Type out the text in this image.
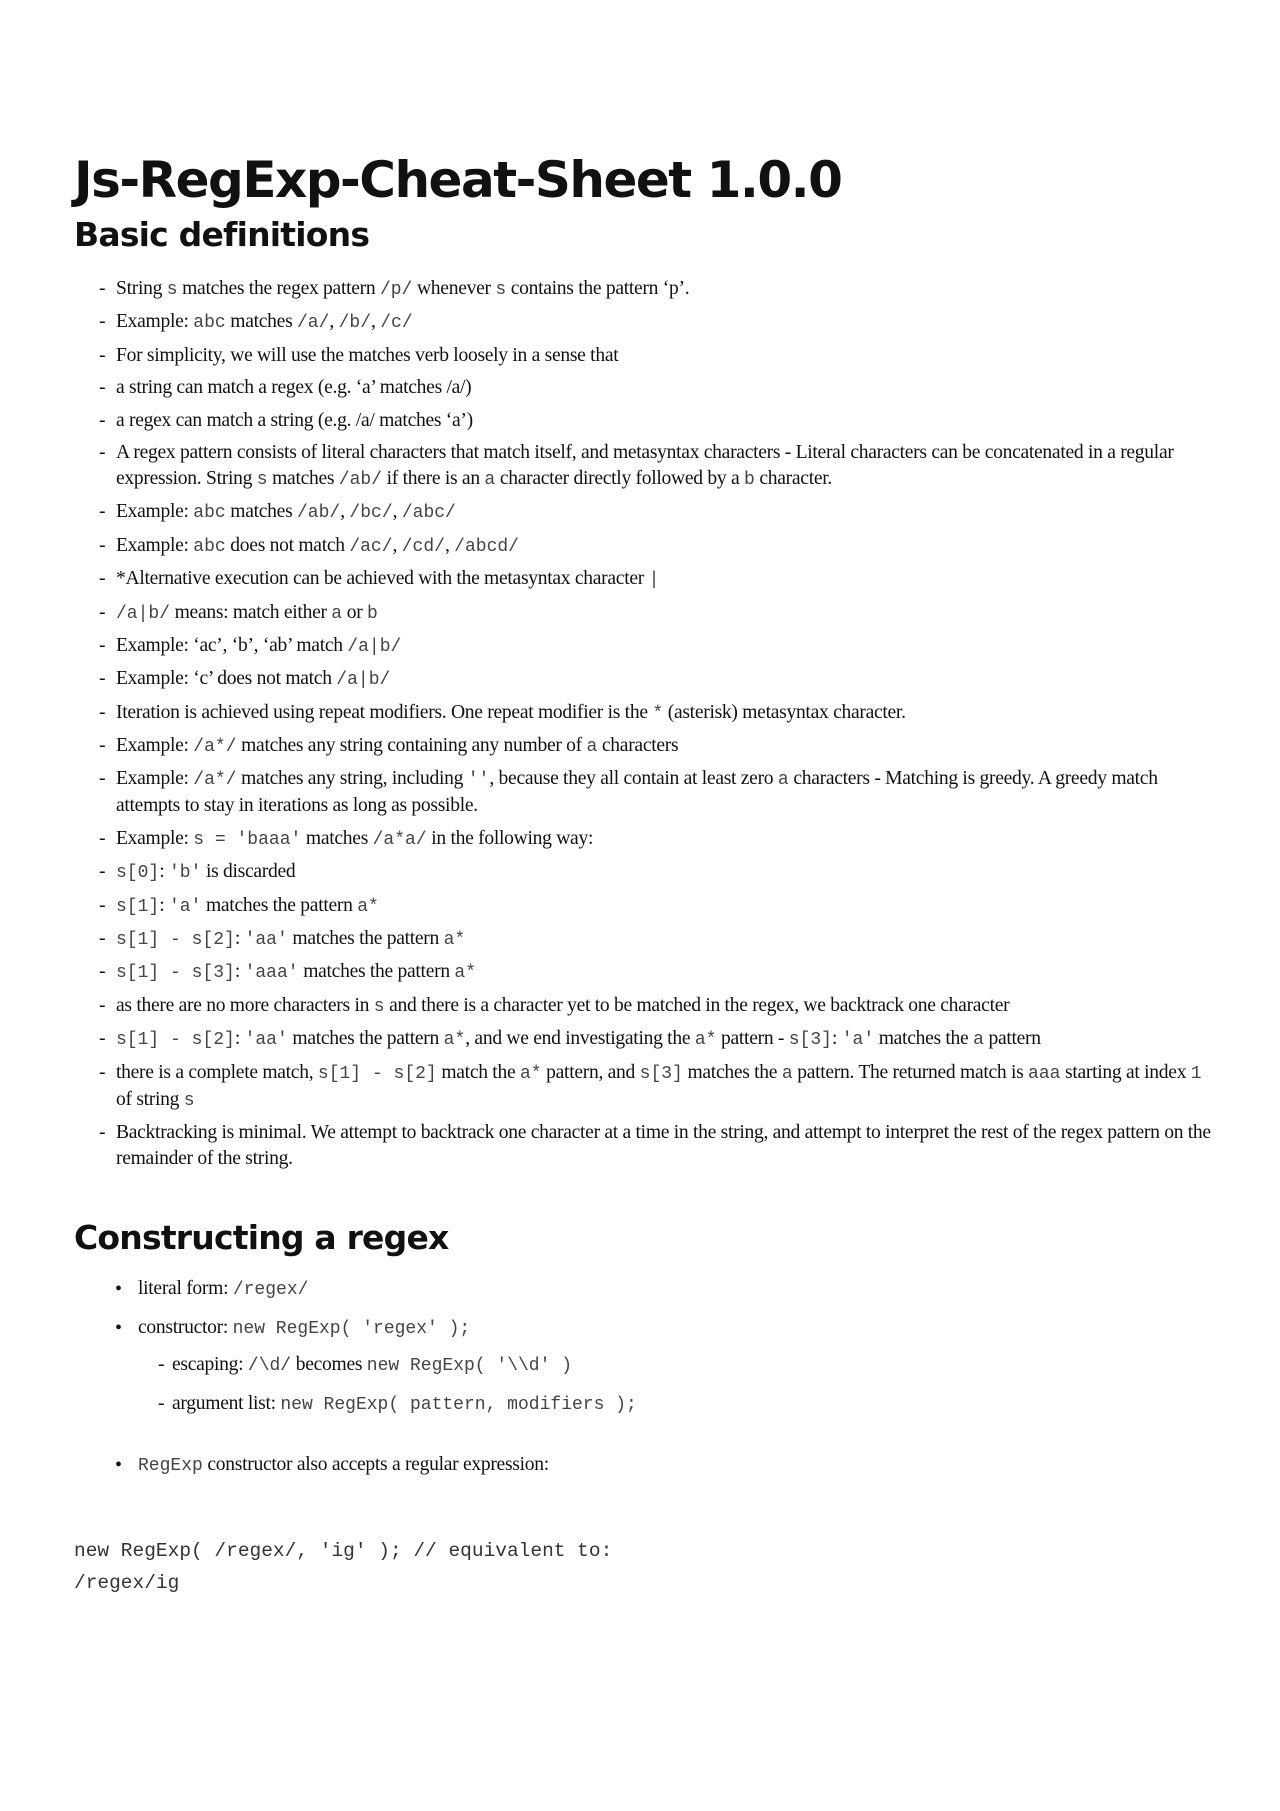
Js-RegExp-Cheat-Sheet 1.0.0
Basic definitions
- String s matches the regex pattern /p/ whenever s contains the pattern ‘p’.
- Example: abc matches /a/, /b/, /c/
- For simplicity, we will use the matches verb loosely in a sense that
- a string can match a regex (e.g. ‘a’ matches /a/)
- a regex can match a string (e.g. /a/ matches ‘a’)
- A regex pattern consists of literal characters that match itself, and metasyntax characters - Literal characters can be concatenated in a regular expression. String s matches /ab/ if there is an a character directly followed by a b character.
- Example: abc matches /ab/, /bc/, /abc/
- Example: abc does not match /ac/, /cd/, /abcd/
- *Alternative execution can be achieved with the metasyntax character |
- /a|b/ means: match either a or b
- Example: ‘ac’, ‘b’, ‘ab’ match /a|b/
- Example: ‘c’ does not match /a|b/
- Iteration is achieved using repeat modifiers. One repeat modifier is the * (asterisk) metasyntax character.
- Example: /a*/ matches any string containing any number of a characters
- Example: /a*/ matches any string, including '', because they all contain at least zero a characters - Matching is greedy. A greedy match attempts to stay in iterations as long as possible.
- Example: s = 'baaa' matches /a*a/ in the following way:
- s[0]: 'b' is discarded
- s[1]: 'a' matches the pattern a*
- s[1] - s[2]: 'aa' matches the pattern a*
- s[1] - s[3]: 'aaa' matches the pattern a*
- as there are no more characters in s and there is a character yet to be matched in the regex, we backtrack one character
- s[1] - s[2]: 'aa' matches the pattern a*, and we end investigating the a* pattern - s[3]: 'a' matches the a pattern
- there is a complete match, s[1] - s[2] match the a* pattern, and s[3] matches the a pattern. The returned match is aaa starting at index 1 of string s
- Backtracking is minimal. We attempt to backtrack one character at a time in the string, and attempt to interpret the rest of the regex pattern on the remainder of the string.
Constructing a regex
• literal form: /regex/
• constructor: new RegExp( 'regex' );
- escaping: /\d/ becomes new RegExp( '\\d' )
- argument list: new RegExp( pattern, modifiers );
• RegExp constructor also accepts a regular expression:
new RegExp( /regex/, 'ig' ); // equivalent to:
/regex/ig
